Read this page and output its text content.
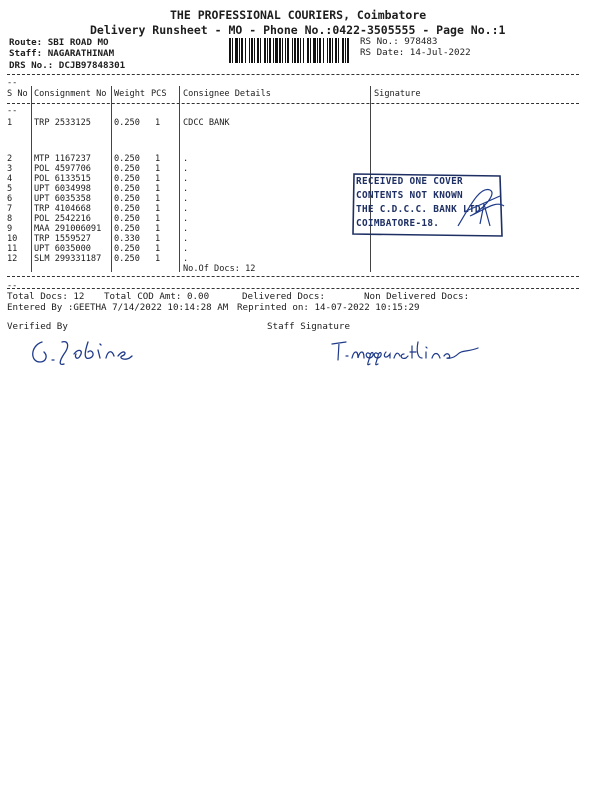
THE PROFESSIONAL COURIERS, Coimbatore
Delivery Runsheet - MO - Phone No.:0422-3505555 - Page No.:1
Route: SBI ROAD MO
Staff: NAGARATHINAM
DRS No.: DCJB97848301
RS No.: 978483
RS Date: 14-Jul-2022
--
S No Consignment No Weight PCS Consignee Details	Signature
--
1	TRP 2533125	0.250 1	CDCC BANK
2	MTP 1167237	0.250 1	.
3	POL 4597706	0.250 1	.
4	POL 6133515	0.250 1	.
5	UPT 6034998	0.250 1	.
6	UPT 6035358	0.250 1	.
7	TRP 4104668	0.250 1	.
8	POL 2542216	0.250 1	.
9	MAA 291006091 0.250 1	.
10 TRP 1559527	0.330 1	.
11 UPT 6035000	0.250 1	.
12 SLM 299331187 0.250 1	.
No.Of Docs: 12
RECEIVED ONE COVER
CONTENTS NOT KNOWN
THE C.D.C.C. BANK LTD
COIMBATORE-18.
--
Total Docs: 12 Total COD Amt: 0.00	Delivered Docs:	Non Delivered Docs:
Entered By :GEETHA 7/14/2022 10:14:28 AM Reprinted on: 14-07-2022 10:15:29
Verified By	Staff Signature
